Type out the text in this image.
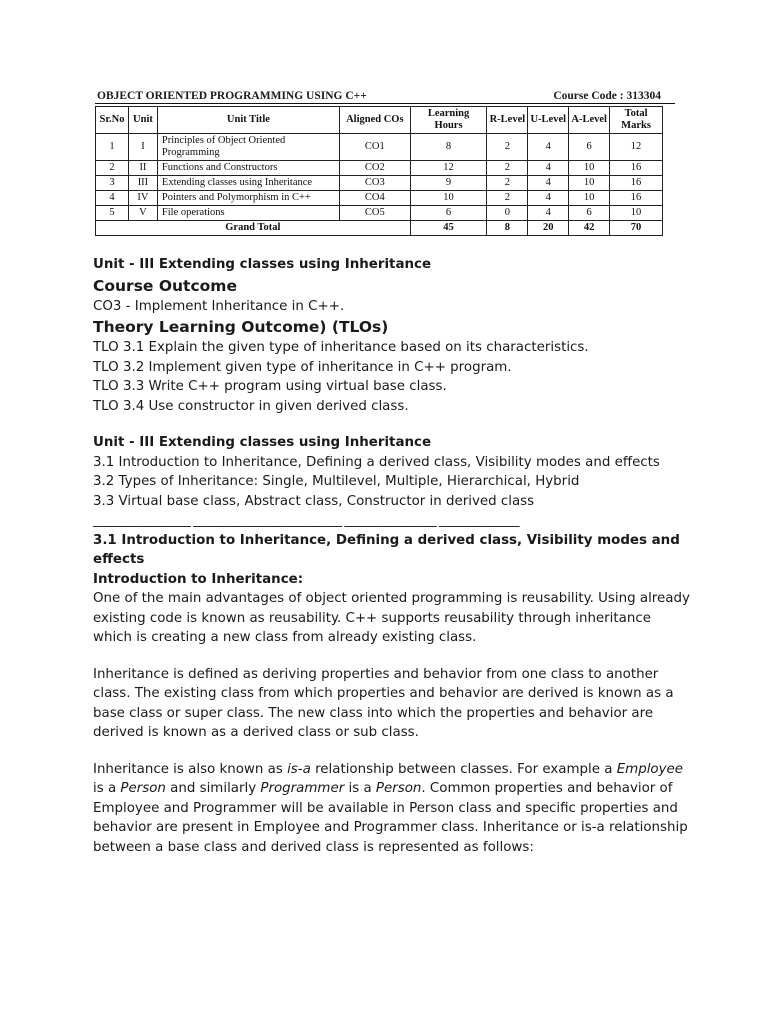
OBJECT ORIENTED PROGRAMMING USING C++	Course Code : 313304
Sr.No	Unit	Unit Title	Aligned COs	Learning Hours	R-Level	U-Level	A-Level	Total Marks
1	I	Principles of Object Oriented Programming	CO1	8	2	4	6	12
2	II	Functions and Constructors	CO2	12	2	4	10	16
3	III	Extending classes using Inheritance	CO3	9	2	4	10	16
4	IV	Pointers and Polymorphism in C++	CO4	10	2	4	10	16
5	V	File operations	CO5	6	0	4	6	10
Grand Total				45	8	20	42	70

Unit - III Extending classes using Inheritance

Course Outcome

CO3 - Implement Inheritance in C++.

Theory Learning Outcome) (TLOs)

TLO 3.1 Explain the given type of inheritance based on its characteristics.

TLO 3.2 Implement given type of inheritance in C++ program.

TLO 3.3 Write C++ program using virtual base class.

TLO 3.4 Use constructor in given derived class.

Unit - III Extending classes using Inheritance

3.1 Introduction to Inheritance, Defining a derived class, Visibility modes and effects

3.2 Types of Inheritance: Single, Multilevel, Multiple, Hierarchical, Hybrid

3.3 Virtual base class, Abstract class, Constructor in derived class

_________________ __________________________ ________________ ______________

3.1 Introduction to Inheritance, Defining a derived class, Visibility modes and effects

Introduction to Inheritance:

One of the main advantages of object oriented programming is reusability. Using already existing code is known as reusability. C++ supports reusability through inheritance which is creating a new class from already existing class.

Inheritance is defined as deriving properties and behavior from one class to another class. The existing class from which properties and behavior are derived is known as a base class or super class. The new class into which the properties and behavior are derived is known as a derived class or sub class.

Inheritance is also known as is-a relationship between classes. For example a Employee is a Person and similarly Programmer is a Person. Common properties and behavior of Employee and Programmer will be available in Person class and specific properties and behavior are present in Employee and Programmer class. Inheritance or is-a relationship between a base class and derived class is represented as follows:
